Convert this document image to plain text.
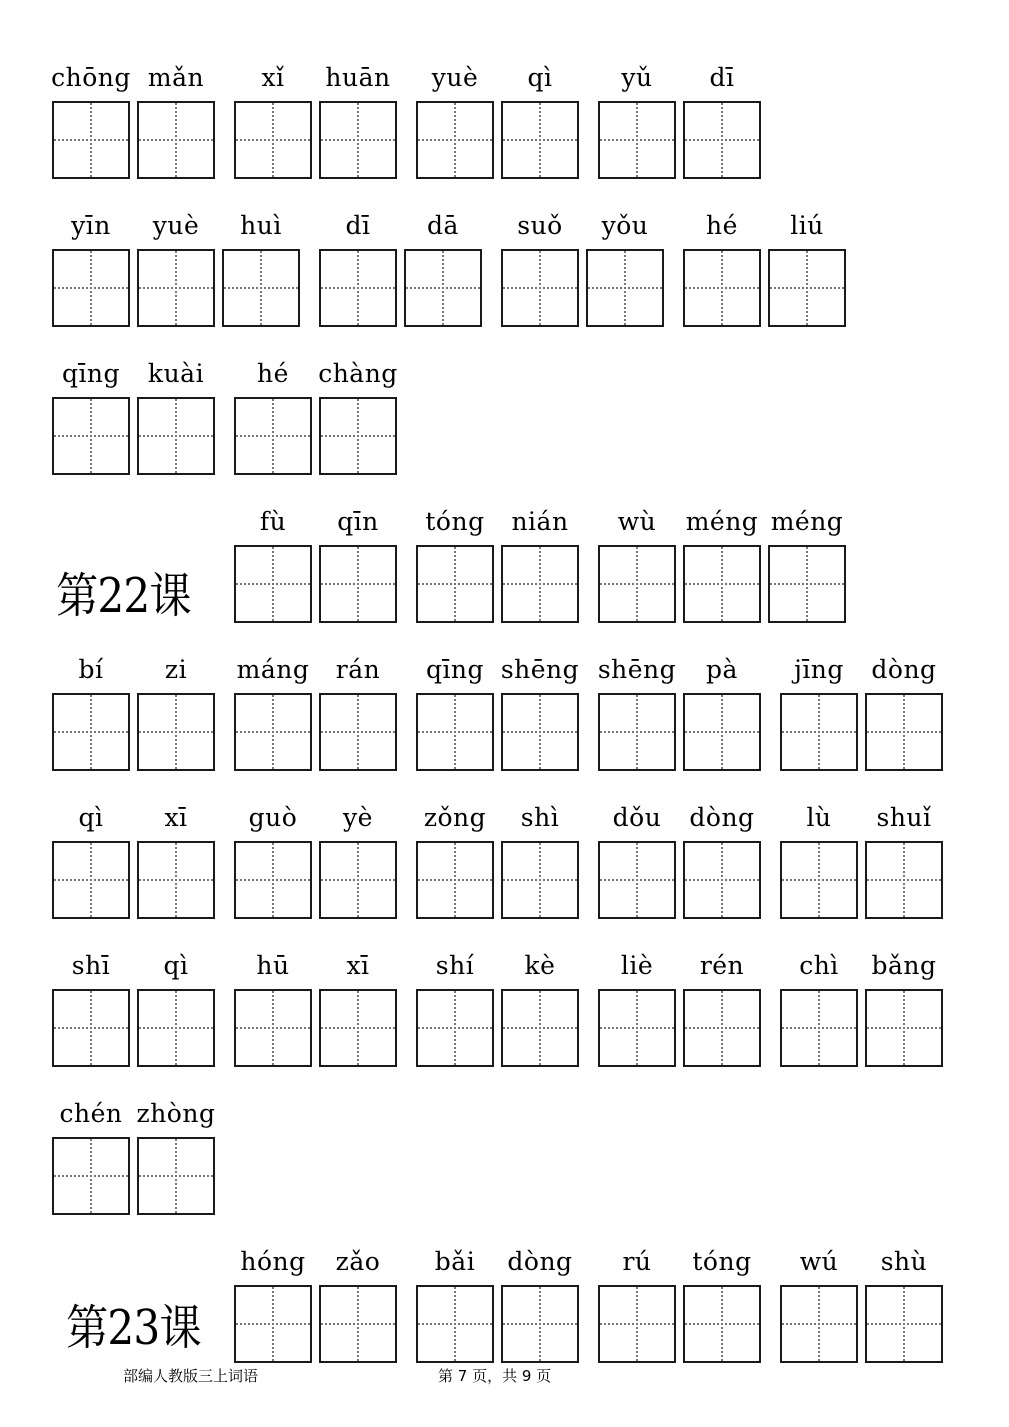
chōng mǎn	xǐ	huān	yuè	qì	yǔ	dī
yīn	yuè	huì	dī	dā	suǒ	yǒu	hé	liú
qīng	kuài	hé	chàng
第22课
fù	qīn	tóng	nián	wù	méng méng
bí	zi	máng	rán	qīng shēng shēng	pà	jīng	dòng
qì	xī	guò	yè	zǒng	shì	dǒu	dòng	lù	shuǐ
shī	qì	hū	xī	shí	kè	liè	rén	chì	bǎng
chén zhòng
第23课
hóng	zǎo	bǎi	dòng	rú	tóng	wú	shù
部编人教版三上词语	第 7 页，共 9 页
